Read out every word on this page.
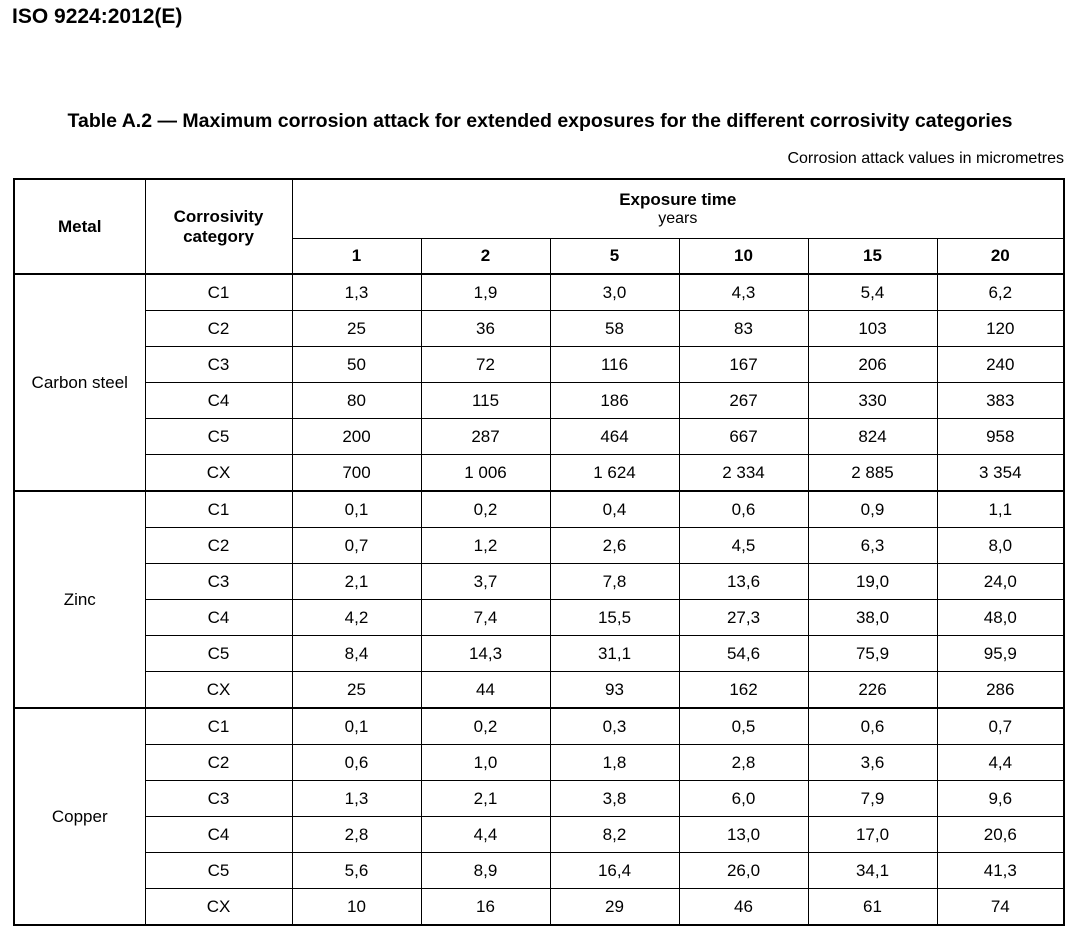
ISO 9224:2012(E)
Table A.2 — Maximum corrosion attack for extended exposures for the different corrosivity categories
Corrosion attack values in micrometres
Metal	Corrosivity category	Exposure time
years					

		1	2	5	10	15	20
Carbon steel	C1	1,3	1,9	3,0	4,3	5,4	6,2
	C2	25	36	58	83	103	120
	C3	50	72	116	167	206	240
	C4	80	115	186	267	330	383
	C5	200	287	464	667	824	958
	CX	700	1 006	1 624	2 334	2 885	3 354
Zinc	C1	0,1	0,2	0,4	0,6	0,9	1,1
	C2	0,7	1,2	2,6	4,5	6,3	8,0
	C3	2,1	3,7	7,8	13,6	19,0	24,0
	C4	4,2	7,4	15,5	27,3	38,0	48,0
	C5	8,4	14,3	31,1	54,6	75,9	95,9
	CX	25	44	93	162	226	286
Copper	C1	0,1	0,2	0,3	0,5	0,6	0,7
	C2	0,6	1,0	1,8	2,8	3,6	4,4
	C3	1,3	2,1	3,8	6,0	7,9	9,6
	C4	2,8	4,4	8,2	13,0	17,0	20,6
	C5	5,6	8,9	16,4	26,0	34,1	41,3
	CX	10	16	29	46	61	74
